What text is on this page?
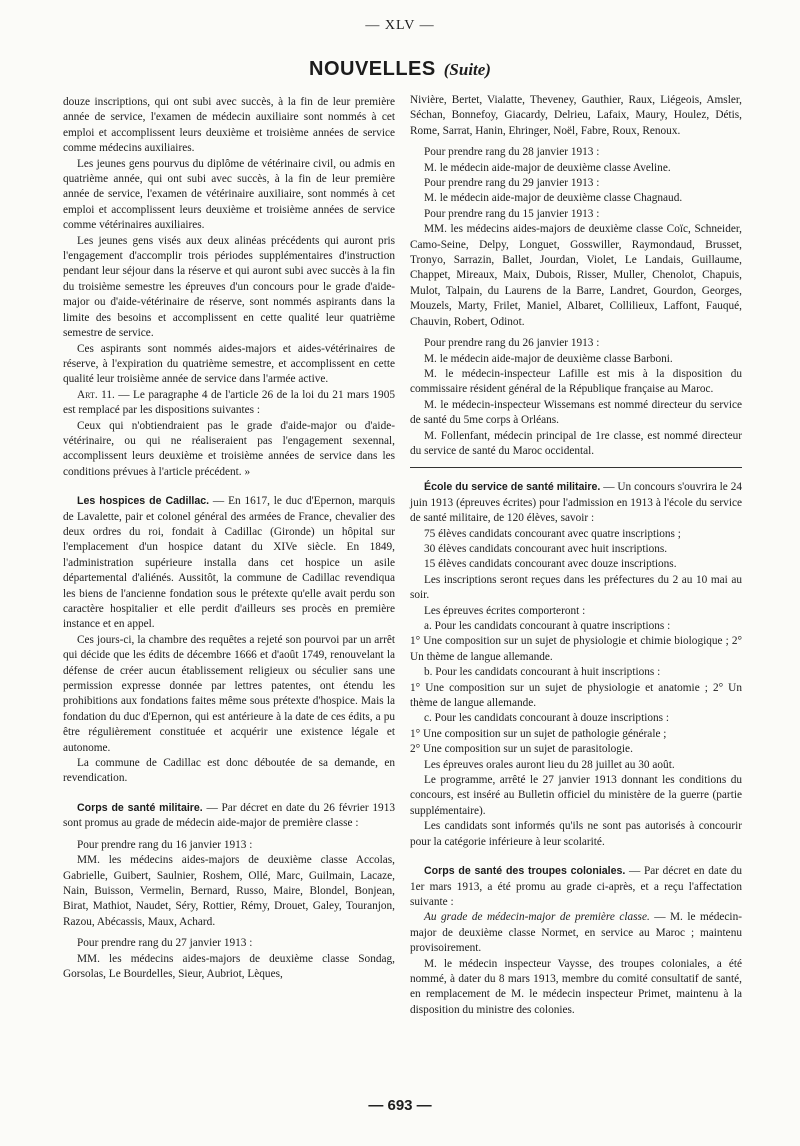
— XLV —
NOUVELLES (Suite)

douze inscriptions, qui ont subi avec succès, à la fin de leur première année de service, l'examen de médecin auxiliaire sont nommés à cet emploi et accomplissent leurs deuxième et troisième années de service comme médecins auxiliaires.

Les jeunes gens pourvus du diplôme de vétérinaire civil, ou admis en quatrième année, qui ont subi avec succès, à la fin de leur première année de service, l'examen de vétérinaire auxiliaire, sont nommés à cet emploi et accomplissent leurs deuxième et troisième années de service comme vétérinaires auxiliaires.

Les jeunes gens visés aux deux alinéas précédents qui auront pris l'engagement d'accomplir trois périodes supplémentaires d'instruction pendant leur séjour dans la réserve et qui auront subi avec succès à la fin du troisième semestre les épreuves d'un concours pour le grade d'aide-major ou d'aide-vétérinaire de réserve, sont nommés aspirants dans la limite des besoins et accomplissent en cette qualité leur quatrième semestre de service.

Ces aspirants sont nommés aides-majors et aides-vétérinaires de réserve, à l'expiration du quatrième semestre, et accomplissent en cette qualité leur troisième année de service dans l'armée active.

Art. 11. — Le paragraphe 4 de l'article 26 de la loi du 21 mars 1905 est remplacé par les dispositions suivantes :

Ceux qui n'obtiendraient pas le grade d'aide-major ou d'aide-vétérinaire, ou qui ne réaliseraient pas l'engagement sexennal, accomplissent leurs deuxième et troisième années de service dans les conditions prévues à l'article précédent. »

Les hospices de Cadillac. — En 1617, le duc d'Epernon, marquis de Lavalette, pair et colonel général des armées de France, chevalier des deux ordres du roi, fondait à Cadillac (Gironde) un hôpital sur l'emplacement d'un hospice datant du XIVe siècle. En 1849, l'administration supérieure installa dans cet hospice un asile départemental d'aliénés. Aussitôt, la commune de Cadillac revendiqua les biens de l'ancienne fondation sous le prétexte qu'elle avait perdu son caractère hospitalier et elle perdit d'ailleurs ses procès en première instance et en appel.

Ces jours-ci, la chambre des requêtes a rejeté son pourvoi par un arrêt qui décide que les édits de décembre 1666 et d'août 1749, renouvelant la défense de créer aucun établissement religieux ou séculier sans une permission expresse donnée par lettres patentes, ont étendu les prohibitions aux fondations faites même sous prétexte d'hospice. Mais la fondation du duc d'Epernon, qui est antérieure à la date de ces édits, a pu être régulièrement constituée et acquérir une existence légale et autonome.

La commune de Cadillac est donc déboutée de sa demande, en revendication.

Corps de santé militaire. — Par décret en date du 26 février 1913 sont promus au grade de médecin aide-major de première classe :

Pour prendre rang du 16 janvier 1913 :

MM. les médecins aides-majors de deuxième classe Accolas, Gabrielle, Guibert, Saulnier, Roshem, Ollé, Marc, Guilmain, Lacaze, Nain, Buisson, Vermelin, Bernard, Russo, Maire, Blondel, Bonjean, Birat, Mathiot, Naudet, Séry, Rottier, Rémy, Drouet, Galey, Touranjon, Razou, Abécassis, Maux, Achard.

Pour prendre rang du 27 janvier 1913 :

MM. les médecins aides-majors de deuxième classe Sondag, Gorsolas, Le Bourdelles, Sieur, Aubriot, Lèques,

Nivière, Bertet, Vialatte, Theveney, Gauthier, Raux, Liégeois, Amsler, Séchan, Bonnefoy, Giacardy, Delrieu, Lafaix, Maury, Houlez, Détis, Rome, Sarrat, Hanin, Ehringer, Noël, Fabre, Roux, Renoux.

Pour prendre rang du 28 janvier 1913 :

M. le médecin aide-major de deuxième classe Aveline.

Pour prendre rang du 29 janvier 1913 :

M. le médecin aide-major de deuxième classe Chagnaud.

Pour prendre rang du 15 janvier 1913 :

MM. les médecins aides-majors de deuxième classe Coïc, Schneider, Camo-Seine, Delpy, Longuet, Gosswiller, Raymondaud, Brusset, Tronyo, Sarrazin, Ballet, Jourdan, Violet, Le Landais, Guillaume, Chappet, Mireaux, Maix, Dubois, Risser, Muller, Chenolot, Chapuis, Mulot, Talpain, du Laurens de la Barre, Landret, Gourdon, Georges, Mouzels, Marty, Frilet, Maniel, Albaret, Collilieux, Laffont, Fauqué, Chauvin, Robert, Odinot.

Pour prendre rang du 26 janvier 1913 :

M. le médecin aide-major de deuxième classe Barboni.

M. le médecin-inspecteur Lafille est mis à la disposition du commissaire résident général de la République française au Maroc.

M. le médecin-inspecteur Wissemans est nommé directeur du service de santé du 5me corps à Orléans.

M. Follenfant, médecin principal de 1re classe, est nommé directeur du service de santé du Maroc occidental.

École du service de santé militaire. — Un concours s'ouvrira le 24 juin 1913 (épreuves écrites) pour l'admission en 1913 à l'école du service de santé militaire, de 120 élèves, savoir :

75 élèves candidats concourant avec quatre inscriptions ;

30 élèves candidats concourant avec huit inscriptions.

15 élèves candidats concourant avec douze inscriptions.

Les inscriptions seront reçues dans les préfectures du 2 au 10 mai au soir.

Les épreuves écrites comporteront :

a. Pour les candidats concourant à quatre inscriptions :

1° Une composition sur un sujet de physiologie et chimie biologique ; 2° Un thème de langue allemande.

b. Pour les candidats concourant à huit inscriptions :

1° Une composition sur un sujet de physiologie et anatomie ; 2° Un thème de langue allemande.

c. Pour les candidats concourant à douze inscriptions :

1° Une composition sur un sujet de pathologie générale ;

2° Une composition sur un sujet de parasitologie.

Les épreuves orales auront lieu du 28 juillet au 30 août.

Le programme, arrêté le 27 janvier 1913 donnant les conditions du concours, est inséré au Bulletin officiel du ministère de la guerre (partie supplémentaire).

Les candidats sont informés qu'ils ne sont pas autorisés à concourir pour la catégorie inférieure à leur scolarité.

Corps de santé des troupes coloniales. — Par décret en date du 1er mars 1913, a été promu au grade ci-après, et a reçu l'affectation suivante :

Au grade de médecin-major de première classe. — M. le médecin-major de deuxième classe Normet, en service au Maroc ; maintenu provisoirement.

M. le médecin inspecteur Vaysse, des troupes coloniales, a été nommé, à dater du 8 mars 1913, membre du comité consultatif de santé, en remplacement de M. le médecin inspecteur Primet, maintenu à la disposition du ministre des colonies.

— 693 —
